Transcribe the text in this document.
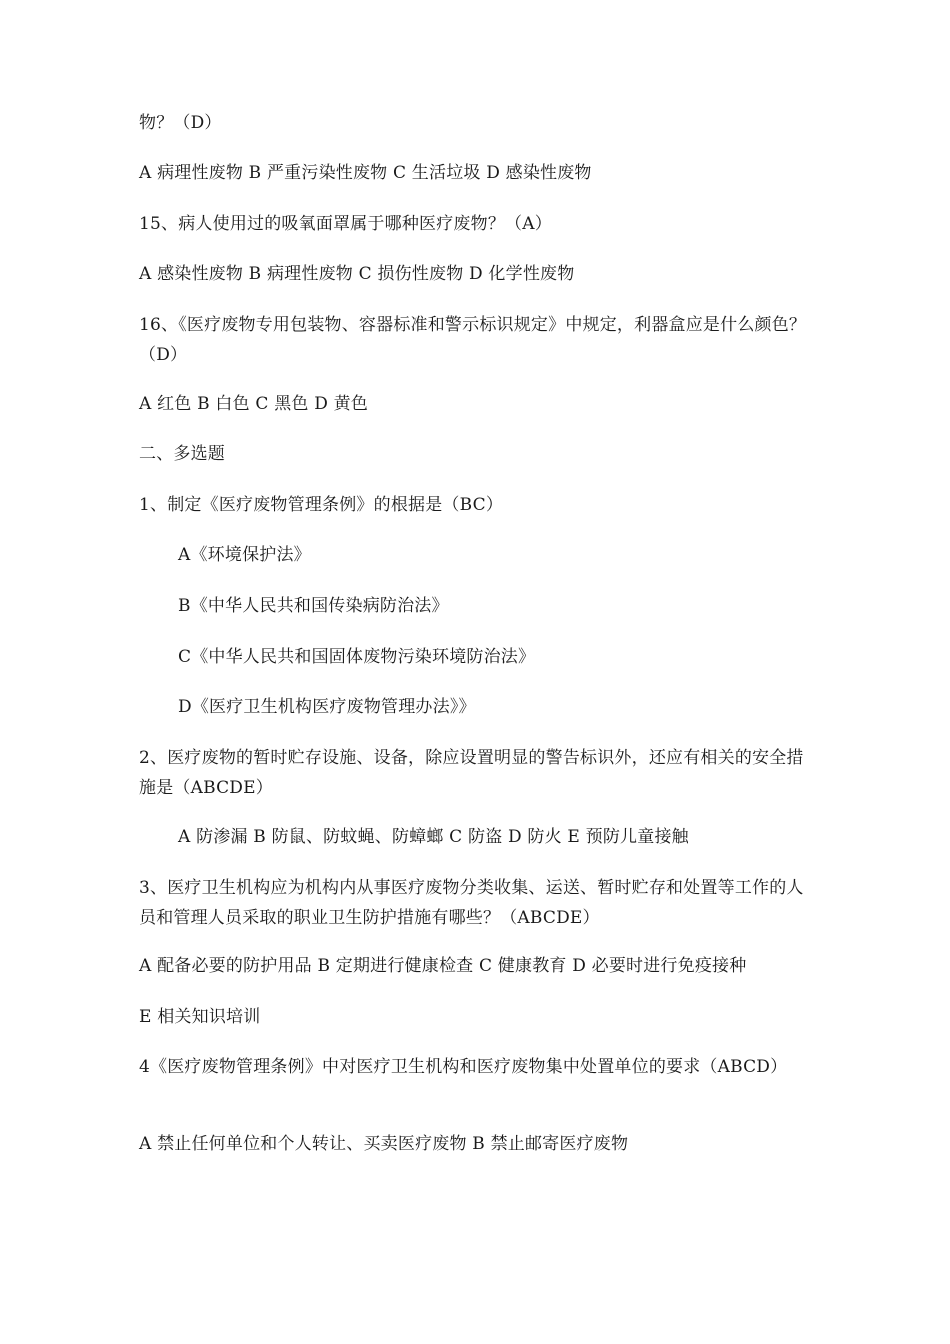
物？（D）
A 病理性废物 B 严重污染性废物 C 生活垃圾 D 感染性废物
15、病人使用过的吸氧面罩属于哪种医疗废物？（A）
A 感染性废物 B 病理性废物 C 损伤性废物 D 化学性废物
16、《医疗废物专用包装物、容器标准和警示标识规定》中规定，利器盒应是什么颜色？（D）
A 红色 B 白色 C 黑色 D 黄色
二、多选题
1、制定《医疗废物管理条例》的根据是（BC）
A《环境保护法》
B《中华人民共和国传染病防治法》
C《中华人民共和国固体废物污染环境防治法》
D《医疗卫生机构医疗废物管理办法》》
2、医疗废物的暂时贮存设施、设备，除应设置明显的警告标识外，还应有相关的安全措施是（ABCDE）
A 防渗漏 B 防鼠、防蚊蝇、防蟑螂 C 防盗 D 防火 E 预防儿童接触
3、医疗卫生机构应为机构内从事医疗废物分类收集、运送、暂时贮存和处置等工作的人员和管理人员采取的职业卫生防护措施有哪些？（ABCDE）
A 配备必要的防护用品 B 定期进行健康检查 C 健康教育 D 必要时进行免疫接种
E 相关知识培训
4《医疗废物管理条例》中对医疗卫生机构和医疗废物集中处置单位的要求（ABCD）
A 禁止任何单位和个人转让、买卖医疗废物 B 禁止邮寄医疗废物
